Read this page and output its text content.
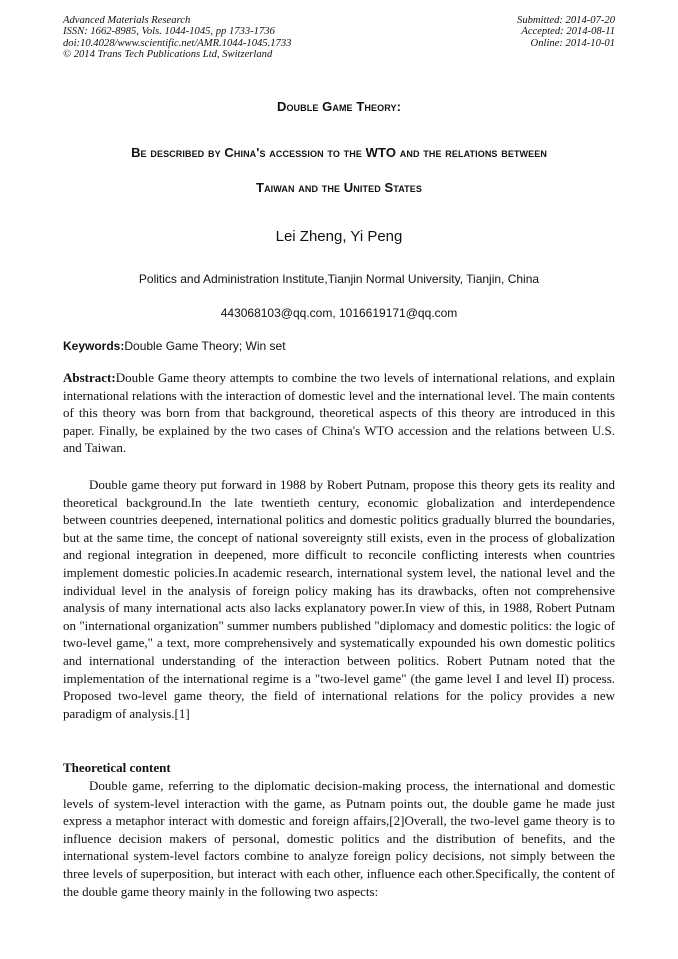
Advanced Materials Research
ISSN: 1662-8985, Vols. 1044-1045, pp 1733-1736
doi:10.4028/www.scientific.net/AMR.1044-1045.1733
© 2014 Trans Tech Publications Ltd, Switzerland
Submitted: 2014-07-20
Accepted: 2014-08-11
Online: 2014-10-01
Double Game Theory:
Be described by China's accession to the WTO and the relations between
Taiwan and the United States
Lei Zheng, Yi Peng
Politics and Administration Institute,Tianjin Normal University, Tianjin, China
443068103@qq.com, 1016619171@qq.com
Keywords:Double Game Theory; Win set

Abstract:Double Game theory attempts to combine the two levels of international relations, and explain international relations with the interaction of domestic level and the international level. The main contents of this theory was born from that background, theoretical aspects of this theory are introduced in this paper. Finally, be explained by the two cases of China's WTO accession and the relations between U.S. and Taiwan.

Double game theory put forward in 1988 by Robert Putnam, propose this theory gets its reality and theoretical background.In the late twentieth century, economic globalization and interdependence between countries deepened, international politics and domestic politics gradually blurred the boundaries, but at the same time, the concept of national sovereignty still exists, even in the process of globalization and regional integration in deepened, more difficult to reconcile conflicting interests when countries implement domestic policies.In academic research, international system level, the national level and the individual level in the analysis of foreign policy making has its drawbacks, often not comprehensive analysis of many international acts also lacks explanatory power.In view of this, in 1988, Robert Putnam on "international organization" summer numbers published "diplomacy and domestic politics: the logic of two-level game," a text, more comprehensively and systematically expounded his own domestic politics and international understanding of the interaction between politics. Robert Putnam noted that the implementation of the international regime is a "two-level game" (the game level I and level II) process. Proposed two-level game theory, the field of international relations for the policy provides a new paradigm of analysis.[1]

Theoretical content

Double game, referring to the diplomatic decision-making process, the international and domestic levels of system-level interaction with the game, as Putnam points out, the double game he made just express a metaphor interact with domestic and foreign affairs,[2]Overall, the two-level game theory is to influence decision makers of personal, domestic politics and the distribution of benefits, and the international system-level factors combine to analyze foreign policy decisions, not simply between the three levels of superposition, but interact with each other, influence each other.Specifically, the content of the double game theory mainly in the following two aspects:
